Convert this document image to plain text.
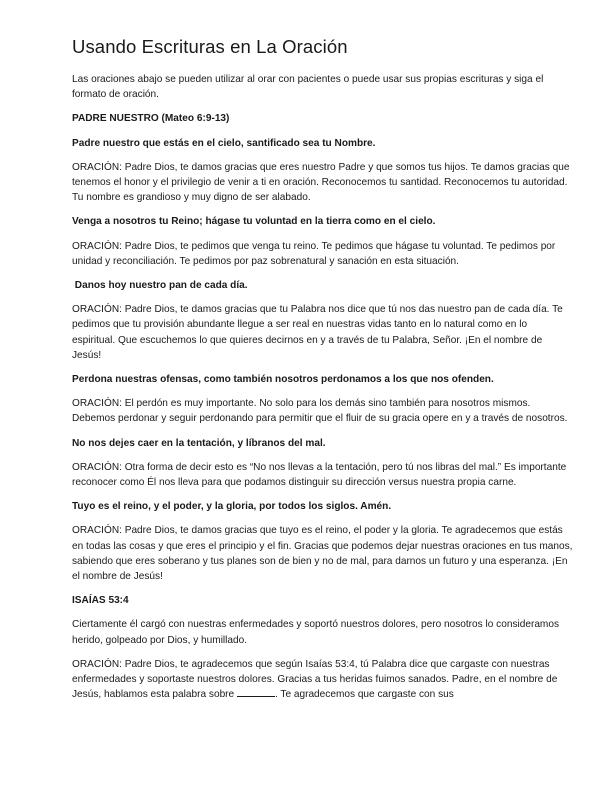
Usando Escrituras en La Oración

Las oraciones abajo se pueden utilizar al orar con pacientes o puede usar sus propias escrituras y siga el formato de oración.

PADRE NUESTRO (Mateo 6:9-13)

Padre nuestro que estás en el cielo, santificado sea tu Nombre.

ORACIÓN: Padre Dios, te damos gracias que eres nuestro Padre y que somos tus hijos. Te damos gracias que tenemos el honor y el privilegio de venir a ti en oración. Reconocemos tu santidad. Reconocemos tu autoridad. Tu nombre es grandioso y muy digno de ser alabado.

Venga a nosotros tu Reino; hágase tu voluntad en la tierra como en el cielo.

ORACIÓN: Padre Dios, te pedimos que venga tu reino. Te pedimos que hágase tu voluntad. Te pedimos por unidad y reconciliación. Te pedimos por paz sobrenatural y sanación en esta situación.

Danos hoy nuestro pan de cada día.

ORACIÓN: Padre Dios, te damos gracias que tu Palabra nos dice que tú nos das nuestro pan de cada día. Te pedimos que tu provisión abundante llegue a ser real en nuestras vidas tanto en lo natural como en lo espiritual. Que escuchemos lo que quieres decirnos en y a través de tu Palabra, Señor. ¡En el nombre de Jesús!

Perdona nuestras ofensas, como también nosotros perdonamos a los que nos ofenden.

ORACIÓN: El perdón es muy importante. No solo para los demás sino también para nosotros mismos. Debemos perdonar y seguir perdonando para permitir que el fluir de su gracia opere en y a través de nosotros.

No nos dejes caer en la tentación, y líbranos del mal.

ORACIÓN: Otra forma de decir esto es “No nos llevas a la tentación, pero tú nos libras del mal.” Es importante reconocer como Él nos lleva para que podamos distinguir su dirección versus nuestra propia carne.

Tuyo es el reino, y el poder, y la gloria, por todos los siglos. Amén.

ORACIÓN: Padre Dios, te damos gracias que tuyo es el reino, el poder y la gloria. Te agradecemos que estás en todas las cosas y que eres el principio y el fin. Gracias que podemos dejar nuestras oraciones en tus manos, sabiendo que eres soberano y tus planes son de bien y no de mal, para darnos un futuro y una esperanza. ¡En el nombre de Jesús!

ISAÍAS 53:4

Ciertamente él cargó con nuestras enfermedades y soportó nuestros dolores, pero nosotros lo consideramos herido, golpeado por Dios, y humillado.

ORACIÓN: Padre Dios, te agradecemos que según Isaías 53:4, tú Palabra dice que cargaste con nuestras enfermedades y soportaste nuestros dolores. Gracias a tus heridas fuimos sanados. Padre, en el nombre de Jesús, hablamos esta palabra sobre	. Te agradecemos que cargaste con sus
